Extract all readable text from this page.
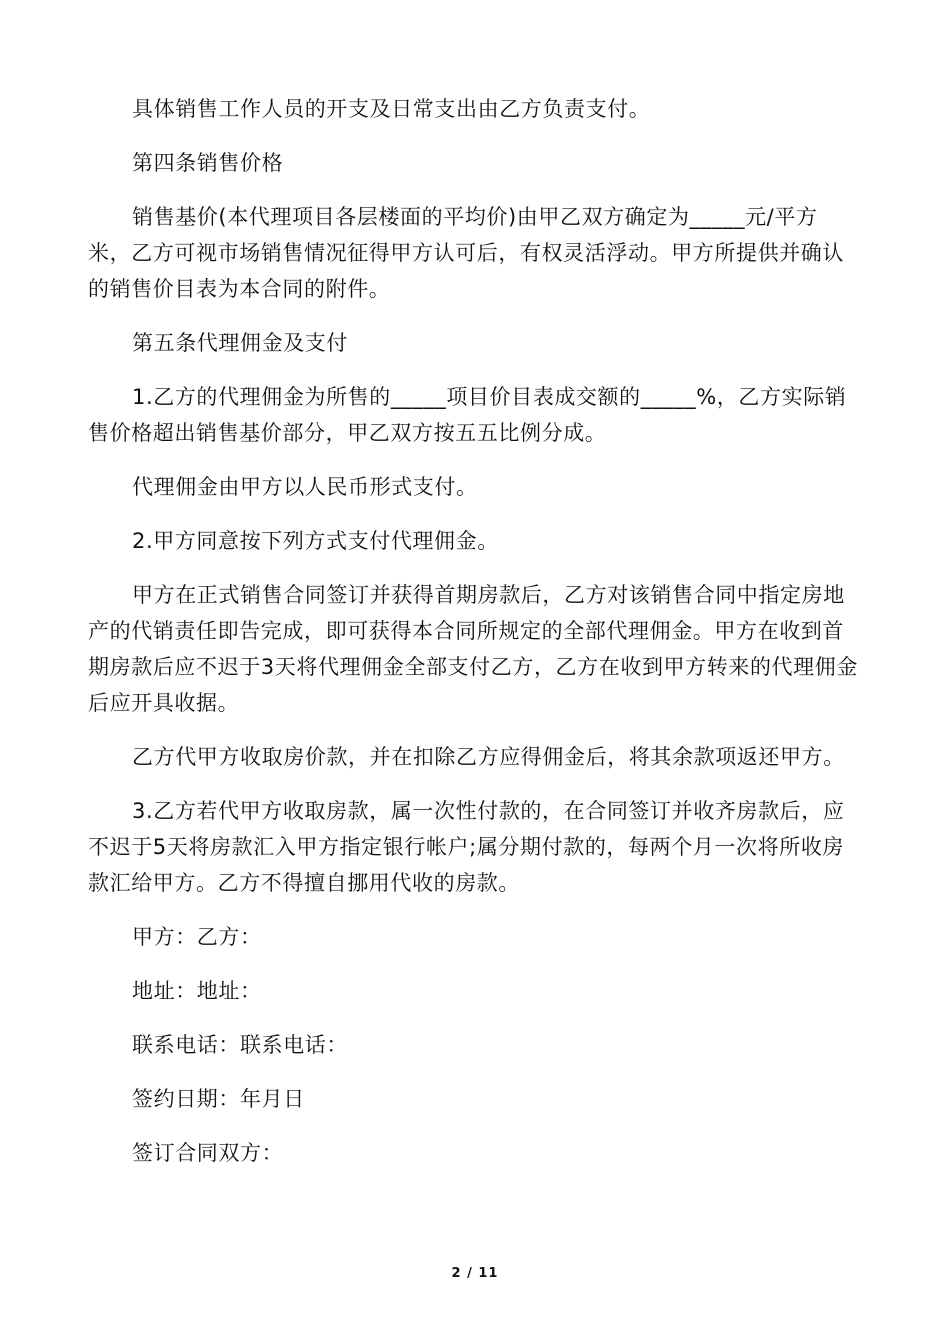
具体销售工作人员的开支及日常支出由乙方负责支付。

第四条销售价格

销售基价(本代理项目各层楼面的平均价)由甲乙双方确定为_____元/平方米，乙方可视市场销售情况征得甲方认可后，有权灵活浮动。甲方所提供并确认的销售价目表为本合同的附件。

第五条代理佣金及支付

1.乙方的代理佣金为所售的_____项目价目表成交额的_____%，乙方实际销售价格超出销售基价部分，甲乙双方按五五比例分成。

代理佣金由甲方以人民币形式支付。

2.甲方同意按下列方式支付代理佣金。

甲方在正式销售合同签订并获得首期房款后，乙方对该销售合同中指定房地产的代销责任即告完成，即可获得本合同所规定的全部代理佣金。甲方在收到首期房款后应不迟于3天将代理佣金全部支付乙方，乙方在收到甲方转来的代理佣金后应开具收据。

乙方代甲方收取房价款，并在扣除乙方应得佣金后，将其余款项返还甲方。

3.乙方若代甲方收取房款，属一次性付款的，在合同签订并收齐房款后，应不迟于5天将房款汇入甲方指定银行帐户;属分期付款的，每两个月一次将所收房款汇给甲方。乙方不得擅自挪用代收的房款。

甲方：乙方：

地址：地址：

联系电话：联系电话：

签约日期：年月日

签订合同双方：

2 / 11
